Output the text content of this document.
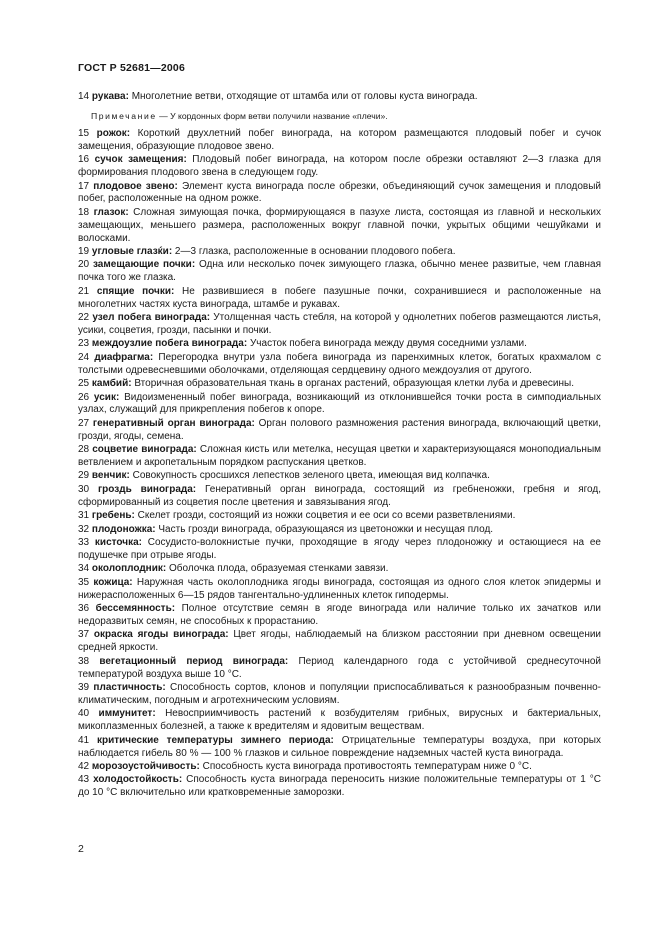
ГОСТ Р 52681—2006
14 рукава: Многолетние ветви, отходящие от штамба или от головы куста винограда.
Примечание — У кордонных форм ветви получили название «плечи».
15 рожок: Короткий двухлетний побег винограда, на котором размещаются плодовый побег и сучок замещения, образующие плодовое звено.
16 сучок замещения: Плодовый побег винограда, на котором после обрезки оставляют 2—3 глазка для формирования плодового звена в следующем году.
17 плодовое звено: Элемент куста винограда после обрезки, объединяющий сучок замещения и плодовый побег, расположенные на одном рожке.
18 глазок: Сложная зимующая почка, формирующаяся в пазухе листа, состоящая из главной и нескольких замещающих, меньшего размера, расположенных вокруг главной почки, укрытых общими чешуйками и волосками.
19 угловые глазќи: 2—3 глазка, расположенные в основании плодового побега.
20 замещающие почки: Одна или несколько почек зимующего глазка, обычно менее развитые, чем главная почка того же глазка.
21 спящие почки: Не развившиеся в побеге пазушные почки, сохранившиеся и расположенные на многолетних частях куста винограда, штамбе и рукавах.
22 узел побега винограда: Утолщенная часть стебля, на которой у однолетних побегов размещаются листья, усики, соцветия, грозди, пасынки и почки.
23 междоузлие побега винограда: Участок побега винограда между двумя соседними узлами.
24 диафрагма: Перегородка внутри узла побега винограда из паренхимных клеток, богатых крахмалом с толстыми одревесневшими оболочками, отделяющая сердцевину одного междоузлия от другого.
25 камбий: Вторичная образовательная ткань в органах растений, образующая клетки луба и древесины.
26 усик: Видоизмененный побег винограда, возникающий из отклонившейся точки роста в симподиальных узлах, служащий для прикрепления побегов к опоре.
27 генеративный орган винограда: Орган полового размножения растения винограда, включающий цветки, грозди, ягоды, семена.
28 соцветие винограда: Сложная кисть или метелка, несущая цветки и характеризующаяся моноподиальным ветвлением и акропетальным порядком распускания цветков.
29 венчик: Совокупность сросшихся лепестков зеленого цвета, имеющая вид колпачка.
30 гроздь винограда: Генеративный орган винограда, состоящий из гребненожки, гребня и ягод, сформированный из соцветия после цветения и завязывания ягод.
31 гребень: Скелет грозди, состоящий из ножки соцветия и ее оси со всеми разветвлениями.
32 плодоножка: Часть грозди винограда, образующаяся из цветоножки и несущая плод.
33 кисточка: Сосудисто-волокнистые пучки, проходящие в ягоду через плодоножку и остающиеся на ее подушечке при отрыве ягоды.
34 околоплодник: Оболочка плода, образуемая стенками завязи.
35 кожица: Наружная часть околоплодника ягоды винограда, состоящая из одного слоя клеток эпидермы и нижерасположенных 6—15 рядов тангентально-удлиненных клеток гиподермы.
36 бессемянность: Полное отсутствие семян в ягоде винограда или наличие только их зачатков или недоразвитых семян, не способных к прорастанию.
37 окраска ягоды винограда: Цвет ягоды, наблюдаемый на близком расстоянии при дневном освещении средней яркости.
38 вегетационный период винограда: Период календарного года с устойчивой среднесуточной температурой воздуха выше 10 °С.
39 пластичность: Способность сортов, клонов и популяции приспосабливаться к разнообразным почвенно-климатическим, погодным и агротехническим условиям.
40 иммунитет: Невосприимчивость растений к возбудителям грибных, вирусных и бактериальных, микоплазменных болезней, а также к вредителям и ядовитым веществам.
41 критические температуры зимнего периода: Отрицательные температуры воздуха, при которых наблюдается гибель 80 % — 100 % глазков и сильное повреждение надземных частей куста винограда.
42 морозоустойчивость: Способность куста винограда противостоять температурам ниже 0 °С.
43 холодостойкость: Способность куста винограда переносить низкие положительные температуры от 1 °С до 10 °С включительно или кратковременные заморозки.
2
